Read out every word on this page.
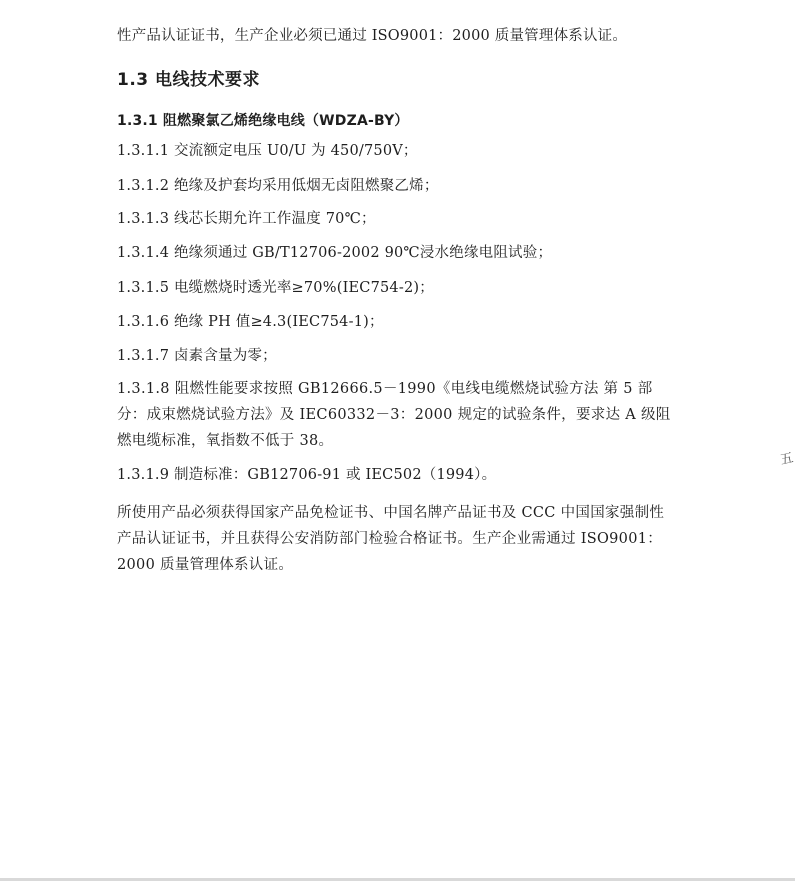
性产品认证证书，生产企业必须已通过 ISO9001：2000 质量管理体系认证。
1.3 电线技术要求
1.3.1 阻燃聚氯乙烯绝缘电线（WDZA-BY）
1.3.1.1 交流额定电压 U0/U 为 450/750V；
1.3.1.2 绝缘及护套均采用低烟无卤阻燃聚乙烯；
1.3.1.3 线芯长期允许工作温度 70℃；
1.3.1.4 绝缘须通过 GB/T12706-2002 90℃浸水绝缘电阻试验；
1.3.1.5 电缆燃烧时透光率≥70%(IEC754-2)；
1.3.1.6 绝缘 PH 值≥4.3(IEC754-1)；
1.3.1.7 卤素含量为零；
1.3.1.8 阻燃性能要求按照 GB12666.5－1990《电线电缆燃烧试验方法 第 5 部分：成束燃烧试验方法》及 IEC60332－3：2000 规定的试验条件，要求达 A 级阻燃电缆标准，氧指数不低于 38。
1.3.1.9 制造标准：GB12706-91 或 IEC502（1994）。
所使用产品必须获得国家产品免检证书、中国名牌产品证书及 CCC 中国国家强制性产品认证证书，并且获得公安消防部门检验合格证书。生产企业需通过 ISO9001：2000 质量管理体系认证。
五
